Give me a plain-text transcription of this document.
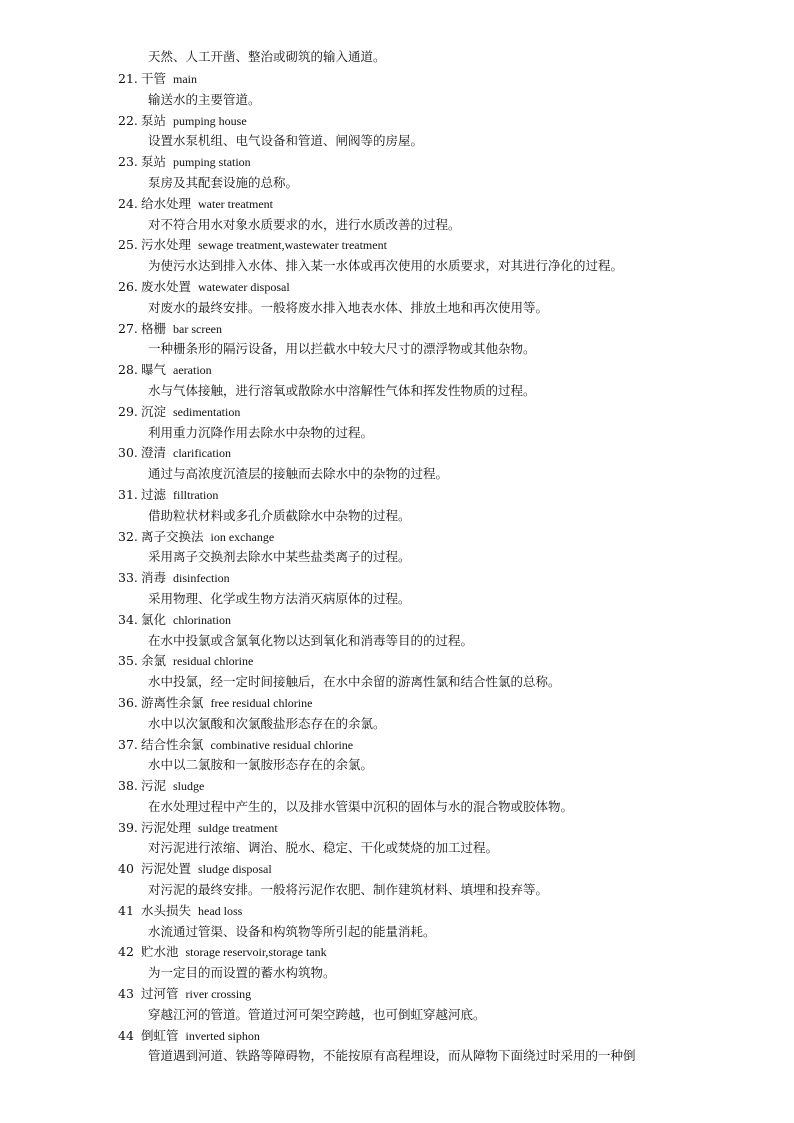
天然、人工开凿、整治或砌筑的输入通道。
21. 干管 main
输送水的主要管道。
22. 泵站 pumping house
设置水泵机组、电气设备和管道、闸阀等的房屋。
23. 泵站 pumping station
泵房及其配套设施的总称。
24. 给水处理 water treatment
对不符合用水对象水质要求的水，进行水质改善的过程。
25. 污水处理 sewage treatment,wastewater treatment
为使污水达到排入水体、排入某一水体或再次使用的水质要求，对其进行净化的过程。
26. 废水处置 watewater disposal
对废水的最终安排。一般将废水排入地表水体、排放土地和再次使用等。
27. 格栅 bar screen
一种栅条形的隔污设备，用以拦截水中较大尺寸的漂浮物或其他杂物。
28. 曝气 aeration
水与气体接触，进行溶氧或散除水中溶解性气体和挥发性物质的过程。
29. 沉淀 sedimentation
利用重力沉降作用去除水中杂物的过程。
30. 澄清 clarification
通过与高浓度沉渣层的接触而去除水中的杂物的过程。
31. 过滤 filltration
借助粒状材料或多孔介质截除水中杂物的过程。
32. 离子交换法 ion exchange
采用离子交换剂去除水中某些盐类离子的过程。
33. 消毒 disinfection
采用物理、化学或生物方法消灭病原体的过程。
34. 氯化 chlorination
在水中投氯或含氯氧化物以达到氧化和消毒等目的的过程。
35. 余氯 residual chlorine
水中投氯，经一定时间接触后，在水中余留的游离性氯和结合性氯的总称。
36. 游离性余氯 free residual chlorine
水中以次氯酸和次氯酸盐形态存在的余氯。
37. 结合性余氯 combinative residual chlorine
水中以二氯胺和一氯胺形态存在的余氯。
38. 污泥 sludge
在水处理过程中产生的，以及排水管渠中沉积的固体与水的混合物或胶体物。
39. 污泥处理 suldge treatment
对污泥进行浓缩、调治、脱水、稳定、干化或焚烧的加工过程。
40 污泥处置 sludge disposal
对污泥的最终安排。一般将污泥作农肥、制作建筑材料、填埋和投弃等。
41 水头损失 head loss
水流通过管渠、设备和构筑物等所引起的能量消耗。
42 贮水池 storage reservoir,storage tank
为一定目的而设置的蓄水构筑物。
43 过河管 river crossing
穿越江河的管道。管道过河可架空跨越，也可倒虹穿越河底。
44 倒虹管 inverted siphon
管道遇到河道、铁路等障碍物，不能按原有高程埋设，而从障物下面绕过时采用的一种倒
